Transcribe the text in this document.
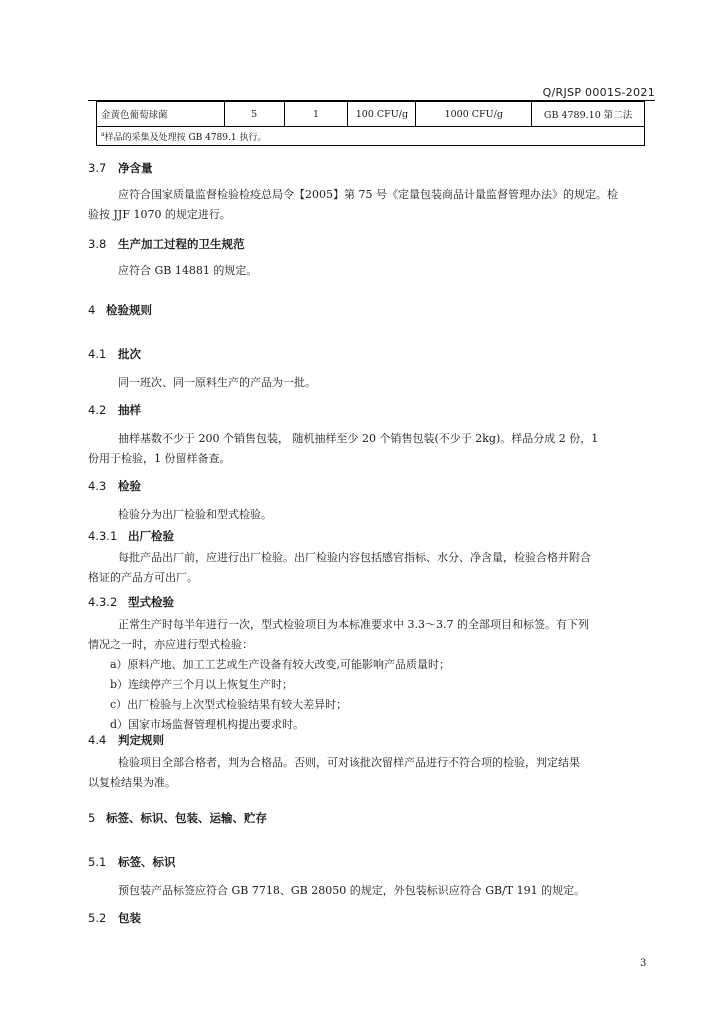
Q/RJSP 0001S-2021
金黄色葡萄球菌	5	1	100 CFU/g	1000 CFU/g	GB 4789.10 第二法
$^a$样品的采集及处理按 GB 4789.1 执行。
3.7 净含量
应符合国家质量监督检验检疫总局令【2005】第 75 号《定量包装商品计量监督管理办法》的规定。检
验按 JJF 1070 的规定进行。
3.8 生产加工过程的卫生规范
应符合 GB 14881 的规定。
4 检验规则
4.1 批次
同一班次、同一原料生产的产品为一批。
4.2 抽样
抽样基数不少于 200 个销售包装， 随机抽样至少 20 个销售包装(不少于 2kg)。样品分成 2 份，1
份用于检验，1 份留样备查。
4.3 检验
检验分为出厂检验和型式检验。
4.3.1 出厂检验
每批产品出厂前，应进行出厂检验。出厂检验内容包括感官指标、水分、净含量，检验合格并附合
格证的产品方可出厂。
4.3.2 型式检验
正常生产时每半年进行一次，型式检验项目为本标准要求中 3.3～3.7 的全部项目和标签。有下列
情况之一时，亦应进行型式检验：
a）原料产地、加工工艺或生产设备有较大改变,可能影响产品质量时；
b）连续停产三个月以上恢复生产时；
c）出厂检验与上次型式检验结果有较大差异时；
d）国家市场监督管理机构提出要求时。
4.4 判定规则
检验项目全部合格者，判为合格品。否则，可对该批次留样产品进行不符合项的检验，判定结果
以复检结果为准。
5 标签、标识、包装、运输、贮存
5.1 标签、标识
预包装产品标签应符合 GB 7718、GB 28050 的规定，外包装标识应符合 GB/T 191 的规定。
5.2 包装
3
